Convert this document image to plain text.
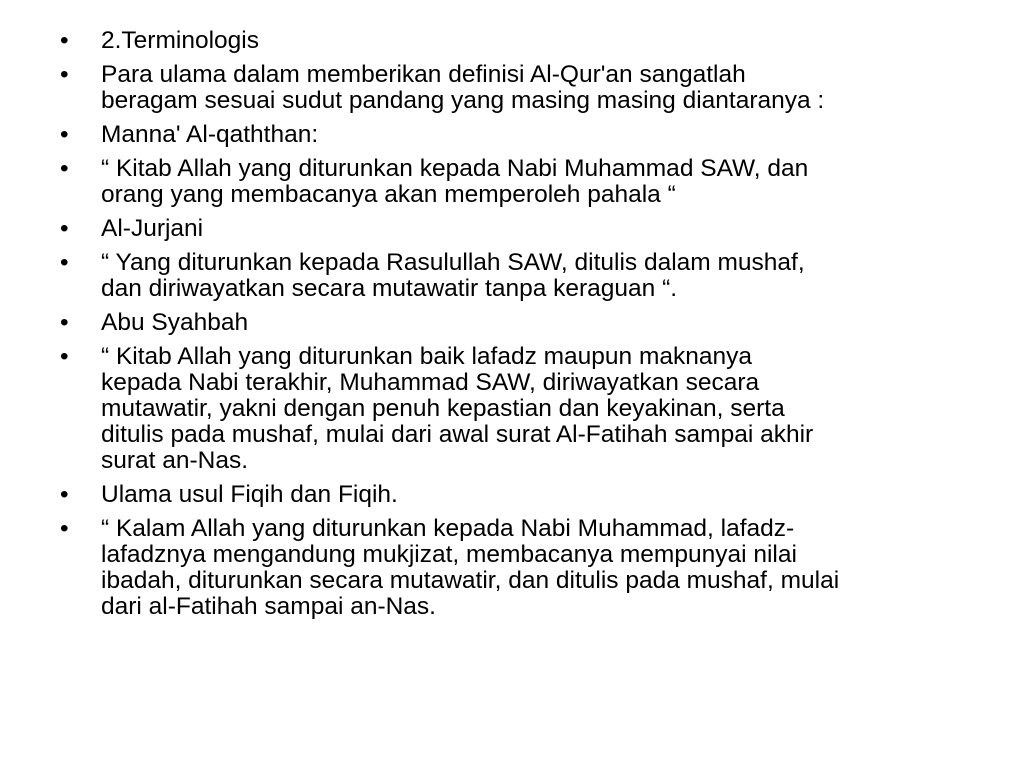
•	2.Terminologis
•	Para ulama dalam memberikan definisi Al-Qur'an sangatlah
beragam sesuai sudut pandang yang masing masing diantaranya :
•	Manna' Al-qaththan:
•	“ Kitab Allah yang diturunkan kepada Nabi Muhammad SAW, dan
orang yang membacanya akan memperoleh pahala “
•	Al-Jurjani
•	“ Yang diturunkan kepada Rasulullah SAW, ditulis dalam mushaf,
dan diriwayatkan secara mutawatir tanpa keraguan “.
•	Abu Syahbah
•	“ Kitab Allah yang diturunkan baik lafadz maupun maknanya
kepada Nabi terakhir, Muhammad SAW, diriwayatkan secara
mutawatir, yakni dengan penuh kepastian dan keyakinan, serta
ditulis pada mushaf, mulai dari awal surat Al-Fatihah sampai akhir
surat an-Nas.
•	Ulama usul Fiqih dan Fiqih.
•	“ Kalam Allah yang diturunkan kepada Nabi Muhammad, lafadz-
lafadznya mengandung mukjizat, membacanya mempunyai nilai
ibadah, diturunkan secara mutawatir, dan ditulis pada mushaf, mulai
dari al-Fatihah sampai an-Nas.
